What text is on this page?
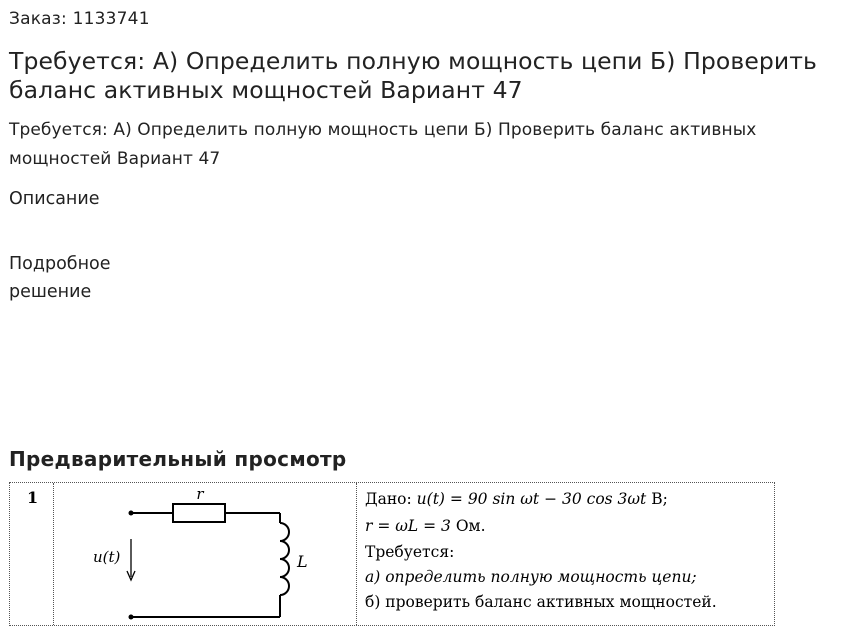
Заказ: 1133741
Требуется: А) Определить полную мощность цепи Б) Проверить баланс активных мощностей Вариант 47
Требуется: А) Определить полную мощность цепи Б) Проверить баланс активных мощностей Вариант 47
Описание
Подробное решение
Предварительный просмотр
1	r
u(t)	L
Дано: u(t) = 90 sin ωt − 30 cos 3ωt В;
r = ωL = 3 Ом.
Требуется:
а) определить полную мощность цепи;
б) проверить баланс активных мощностей.
